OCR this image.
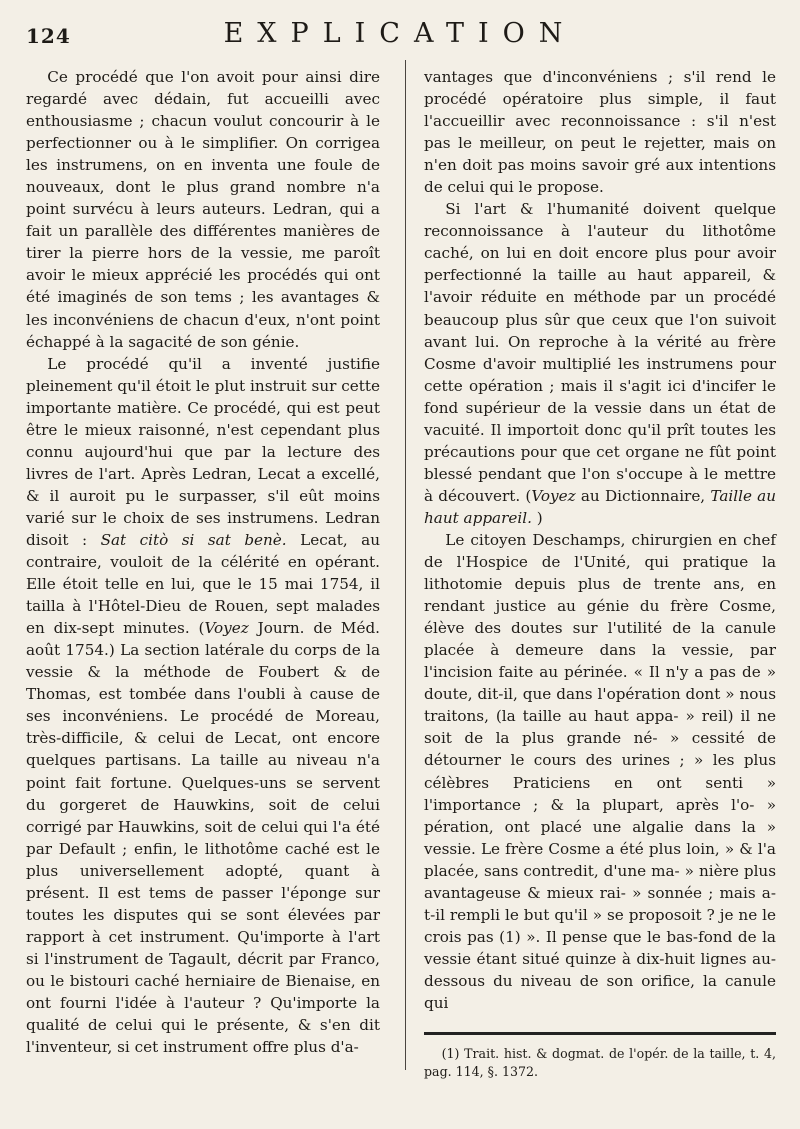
124	EXPLICATION

Ce procédé que l'on avoit pour ainsi dire regardé avec dédain, fut accueilli avec enthousiasme ; chacun voulut concourir à le perfectionner ou à le simplifier. On corrigea les instrumens, on en inventa une foule de nouveaux, dont le plus grand nombre n'a point survécu à leurs auteurs. Ledran, qui a fait un parallèle des différentes manières de tirer la pierre hors de la vessie, me paroît avoir le mieux apprécié les procédés qui ont été imaginés de son tems ; les avantages & les inconvéniens de chacun d'eux, n'ont point échappé à la sagacité de son génie.

Le procédé qu'il a inventé justifie pleinement qu'il étoit le plut instruit sur cette importante matière. Ce procédé, qui est peut être le mieux raisonné, n'est cependant plus connu aujourd'hui que par la lecture des livres de l'art. Après Ledran, Lecat a excellé, & il auroit pu le surpasser, s'il eût moins varié sur le choix de ses instrumens. Ledran disoit : Sat citò si sat benè. Lecat, au contraire, vouloit de la célérité en opérant. Elle étoit telle en lui, que le 15 mai 1754, il tailla à l'Hôtel-Dieu de Rouen, sept malades en dix-sept minutes. (Voyez Journ. de Méd. août 1754.) La section latérale du corps de la vessie & la méthode de Foubert & de Thomas, est tombée dans l'oubli à cause de ses inconvéniens. Le procédé de Moreau, très-difficile, & celui de Lecat, ont encore quelques partisans. La taille au niveau n'a point fait fortune. Quelques-uns se servent du gorgeret de Hauwkins, soit de celui corrigé par Hauwkins, soit de celui qui l'a été par Default ; enfin, le lithotôme caché est le plus universellement adopté, quant à présent. Il est tems de passer l'éponge sur toutes les disputes qui se sont élevées par rapport à cet instrument. Qu'importe à l'art si l'instrument de Tagault, décrit par Franco, ou le bistouri caché herniaire de Bienaise, en ont fourni l'idée à l'auteur ? Qu'importe la qualité de celui qui le présente, & s'en dit l'inventeur, si cet instrument offre plus d'a-

vantages que d'inconvéniens ; s'il rend le procédé opératoire plus simple, il faut l'accueillir avec reconnoissance : s'il n'est pas le meilleur, on peut le rejetter, mais on n'en doit pas moins savoir gré aux intentions de celui qui le propose.

Si l'art & l'humanité doivent quelque reconnoissance à l'auteur du lithotôme caché, on lui en doit encore plus pour avoir perfectionné la taille au haut appareil, & l'avoir réduite en méthode par un procédé beaucoup plus sûr que ceux que l'on suivoit avant lui. On reproche à la vérité au frère Cosme d'avoir multiplié les instrumens pour cette opération ; mais il s'agit ici d'incifer le fond supérieur de la vessie dans un état de vacuité. Il importoit donc qu'il prît toutes les précautions pour que cet organe ne fût point blessé pendant que l'on s'occupe à le mettre à découvert. (Voyez au Dictionnaire, Taille au haut appareil. )

Le citoyen Deschamps, chirurgien en chef de l'Hospice de l'Unité, qui pratique la lithotomie depuis plus de trente ans, en rendant justice au génie du frère Cosme, élève des doutes sur l'utilité de la canule placée à demeure dans la vessie, par l'incision faite au périnée. « Il n'y a pas de » doute, dit-il, que dans l'opération dont » nous traitons, (la taille au haut appa- » reil) il ne soit de la plus grande né- » cessité de détourner le cours des urines ; » les plus célèbres Praticiens en ont senti » l'importance ; & la plupart, après l'o- » pération, ont placé une algalie dans la » vessie. Le frère Cosme a été plus loin, » & l'a placée, sans contredit, d'une ma- » nière plus avantageuse & mieux rai- » sonnée ; mais a-t-il rempli le but qu'il » se proposoit ? je ne le crois pas (1) ». Il pense que le bas-fond de la vessie étant situé quinze à dix-huit lignes au-dessous du niveau de son orifice, la canule qui

(1) Trait. hist. & dogmat. de l'opér. de la taille, t. 4, pag. 114, §. 1372.
